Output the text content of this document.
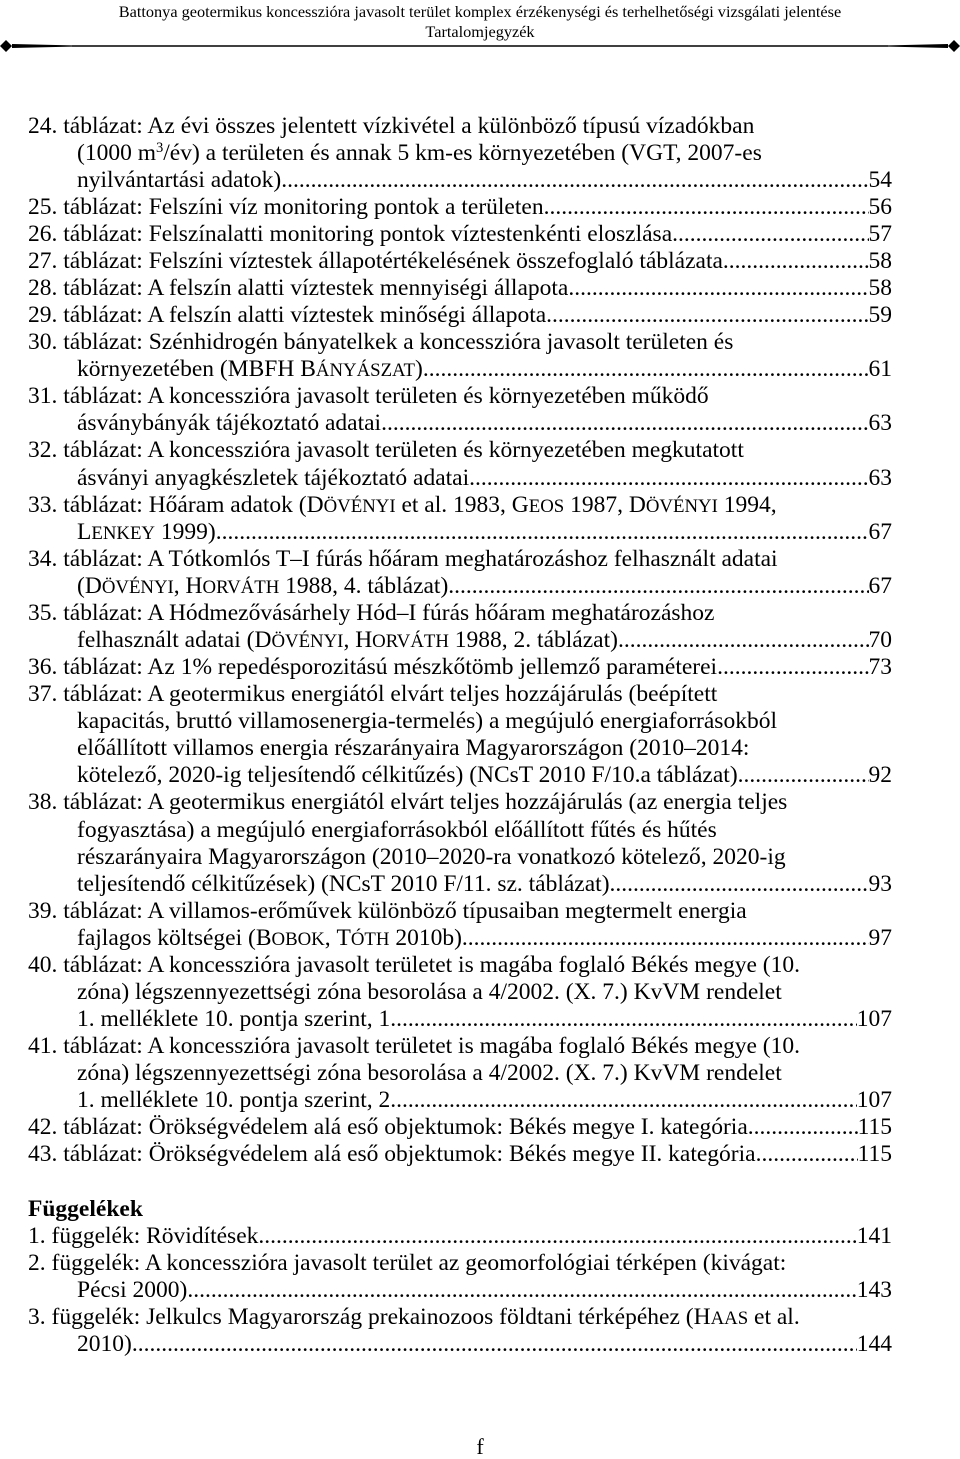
Battonya geotermikus koncesszióra javasolt terület komplex érzékenységi és terhelhetőségi vizsgálati jelentése
Tartalomjegyzék
24. táblázat: Az évi összes jelentett vízkivétel a különböző típusú vízadókban
(1000 $m^3/év$) a területen és annak 5 km-es környezetében (VGT, 2007-es
nyilvántartási adatok) .....	54
25. táblázat: Felszíni víz monitoring pontok a területen .....	56
26. táblázat: Felszínalatti monitoring pontok víztestenkénti eloszlása .....	57
27. táblázat: Felszíni víztestek állapotértékelésének összefoglaló táblázata .....	58
28. táblázat: A felszín alatti víztestek mennyiségi állapota .....	58
29. táblázat: A felszín alatti víztestek minőségi állapota .....	59
30. táblázat: Szénhidrogén bányatelkek a koncesszióra javasolt területen és
környezetében (MBFH BÁNYÁSZAT) .....	61
31. táblázat: A koncesszióra javasolt területen és környezetében működő
ásványbányák tájékoztató adatai .....	63
32. táblázat: A koncesszióra javasolt területen és környezetében megkutatott
ásványi anyagkészletek tájékoztató adatai .....	63
33. táblázat: Hőáram adatok (DÖVÉNYI et al. 1983, GEOS 1987, DÖVÉNYI 1994,
LENKEY 1999) .....	67
34. táblázat: A Tótkomlós T–I fúrás hőáram meghatározáshoz felhasznált adatai
(DÖVÉNYI, HORVÁTH 1988, 4. táblázat) .....	67
35. táblázat: A Hódmezővásárhely Hód–I fúrás hőáram meghatározáshoz
felhasznált adatai (DÖVÉNYI, HORVÁTH 1988, 2. táblázat) .....	70
36. táblázat: Az 1% repedésporozitású mészkőtömb jellemző paraméterei .....	73
37. táblázat: A geotermikus energiától elvárt teljes hozzájárulás (beépített
kapacitás, bruttó villamosenergia-termelés) a megújuló energiaforrásokból
előállított villamos energia részarányaira Magyarországon (2010–2014:
kötelező, 2020-ig teljesítendő célkitűzés) (NCsT 2010 F/10.a táblázat) .....	92
38. táblázat: A geotermikus energiától elvárt teljes hozzájárulás (az energia teljes
fogyasztása) a megújuló energiaforrásokból előállított fűtés és hűtés
részarányaira Magyarországon (2010–2020-ra vonatkozó kötelező, 2020-ig
teljesítendő célkitűzések) (NCsT 2010 F/11. sz. táblázat) .....	93
39. táblázat: A villamos-erőművek különböző típusaiban megtermelt energia
fajlagos költségei (BOBOK, TÓTH 2010b) .....	97
40. táblázat: A koncesszióra javasolt területet is magába foglaló Békés megye (10.
zóna) légszennyezettségi zóna besorolása a 4/2002. (X. 7.) KvVM rendelet
1. melléklete 10. pontja szerint, 1 .....	107
41. táblázat: A koncesszióra javasolt területet is magába foglaló Békés megye (10.
zóna) légszennyezettségi zóna besorolása a 4/2002. (X. 7.) KvVM rendelet
1. melléklete 10. pontja szerint, 2 .....	107
42. táblázat: Örökségvédelem alá eső objektumok: Békés megye I. kategória .....	115
43. táblázat: Örökségvédelem alá eső objektumok: Békés megye II. kategória .....	115
Függelékek
1. függelék: Rövidítések .....	141
2. függelék: A koncesszióra javasolt terület az geomorfológiai térképen (kivágat:
Pécsi 2000) .....	143
3. függelék: Jelkulcs Magyarország prekainozoos földtani térképéhez (HAAS et al.
2010) .....	144
f
